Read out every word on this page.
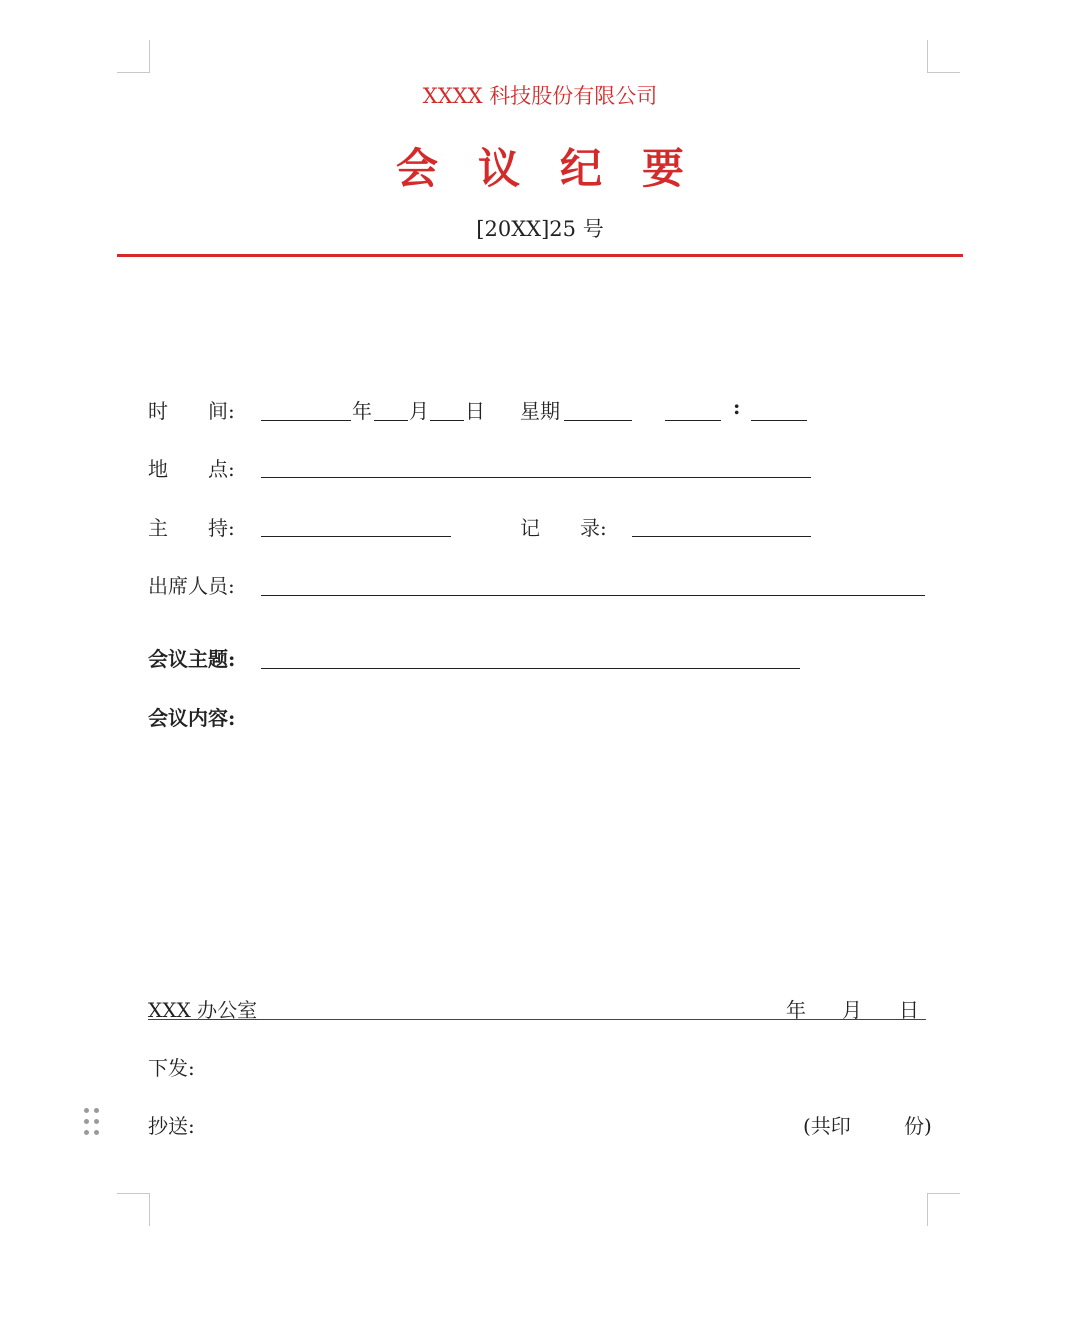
XXXX 科技股份有限公司
会议纪要
[20XX]25 号
时　　间:	年 月 日 星期	:
地　　点:
主　　持:	记　　录:
出席人员:
会议主题:
会议内容:
XXX 办公室	年 月 日
下发:
抄送:	(共印	份)
